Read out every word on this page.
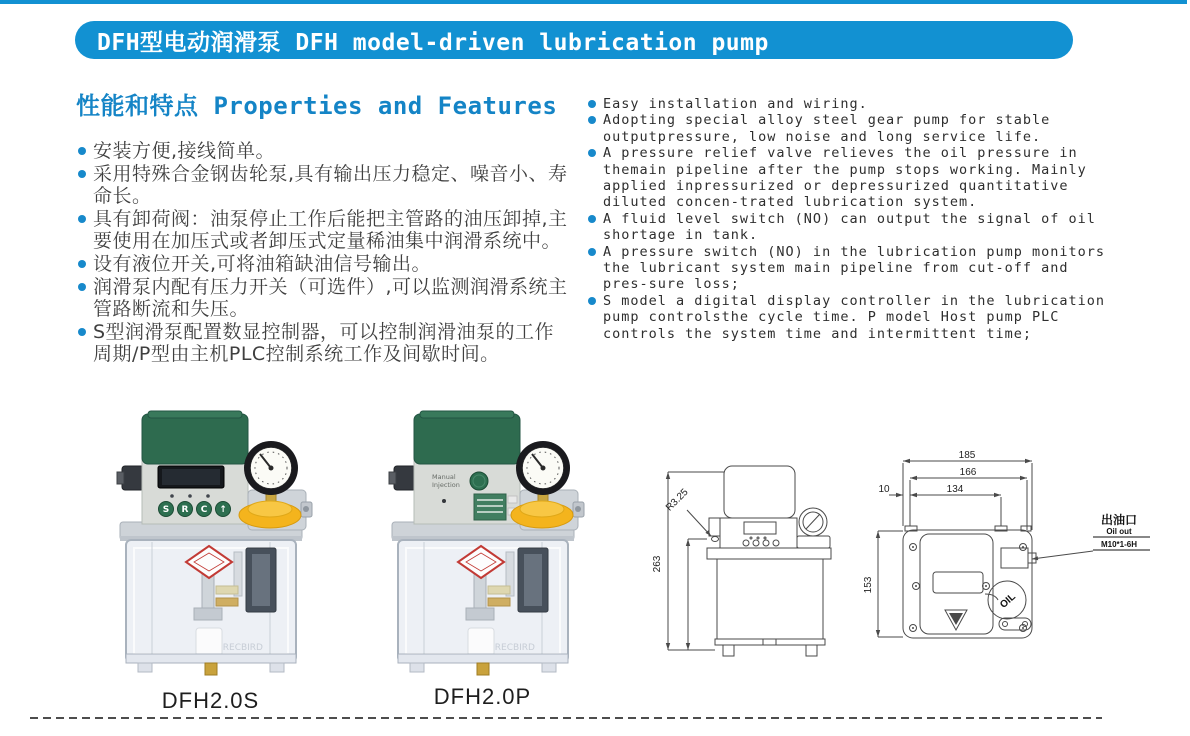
DFH型电动润滑泵 DFH model-driven lubrication pump
性能和特点 Properties and Features
安装方便,接线简单。
采用特殊合金钢齿轮泵,具有输出压力稳定、噪音小、寿命长。
具有卸荷阀：油泵停止工作后能把主管路的油压卸掉,主要使用在加压式或者卸压式定量稀油集中润滑系统中。
设有液位开关,可将油箱缺油信号输出。
润滑泵内配有压力开关（可选件）,可以监测润滑系统主管路断流和失压。
S型润滑泵配置数显控制器，可以控制润滑油泵的工作周期/P型由主机PLC控制系统工作及间歇时间。
Easy installation and wiring.
Adopting special alloy steel gear pump for stable outputpressure, low noise and long service life.
A pressure relief valve relieves the oil pressure in themain pipeline after the pump stops working. Mainly applied inpressurized or depressurized quantitative diluted concen-trated lubrication system.
A fluid level switch (NO) can output the signal of oil shortage in tank.
A pressure switch (NO) in the lubrication pump monitors the lubricant system main pipeline from cut-off and pres-sure loss;
S model a digital display controller in the lubrication pump controlsthe cycle time. P model Host pump PLC controls the system time and intermittent time;
RECBIRD
S R C ↑
DFH2.0S
RECBIRD
Manual
Injection
DFH2.0P
263
R3.25
OIL
185
166
134
10
153
出油口
Oil out
M10*1-6H
